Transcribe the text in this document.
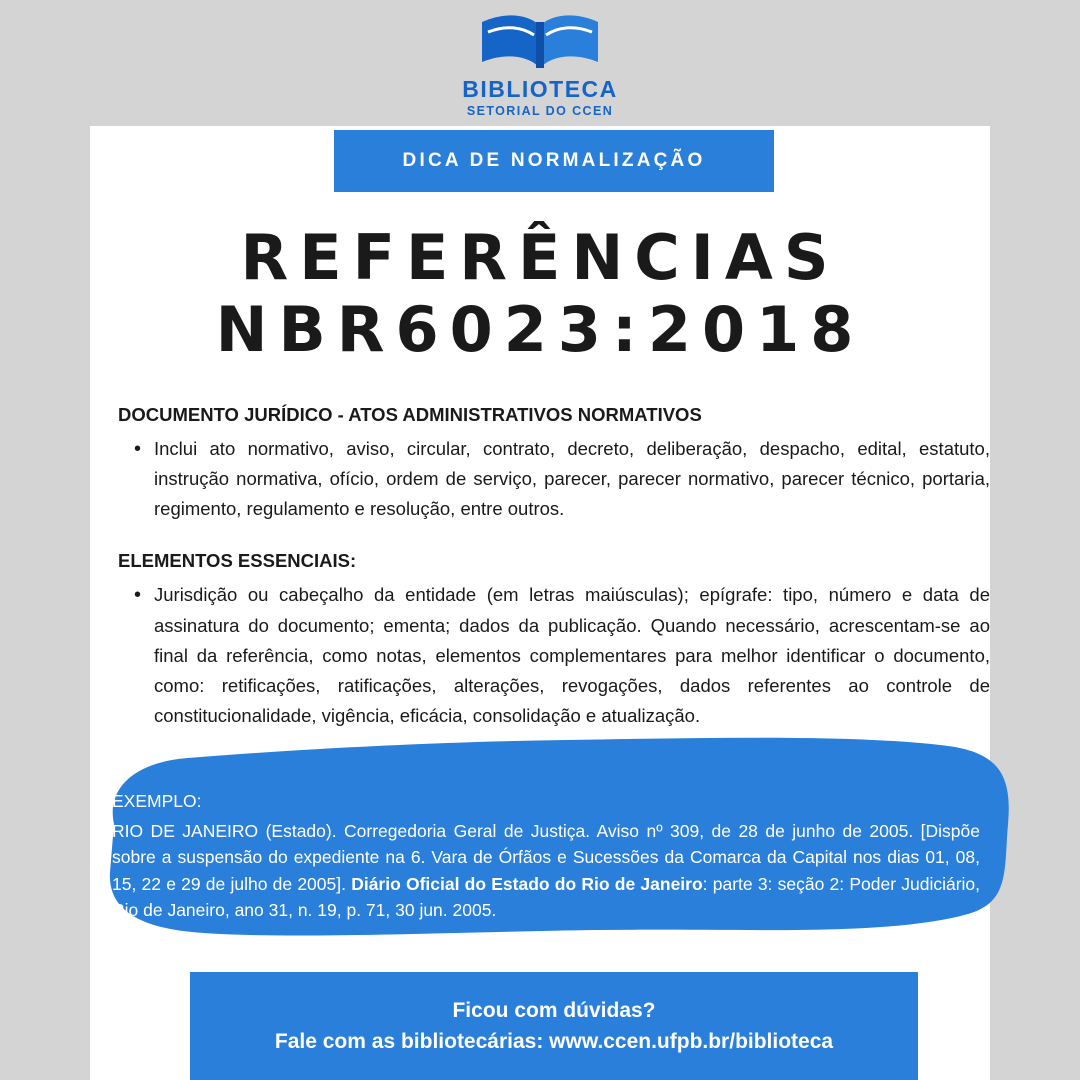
BIBLIOTECA
SETORIAL DO CCEN
DICA DE NORMALIZAÇÃO
REFERÊNCIAS
NBR6023:2018
DOCUMENTO JURÍDICO - ATOS ADMINISTRATIVOS NORMATIVOS
• Inclui ato normativo, aviso, circular, contrato, decreto, deliberação, despacho, edital, estatuto, instrução normativa, ofício, ordem de serviço, parecer, parecer normativo, parecer técnico, portaria, regimento, regulamento e resolução, entre outros.
ELEMENTOS ESSENCIAIS:
• Jurisdição ou cabeçalho da entidade (em letras maiúsculas); epígrafe: tipo, número e data de assinatura do documento; ementa; dados da publicação. Quando necessário, acrescentam-se ao final da referência, como notas, elementos complementares para melhor identificar o documento, como: retificações, ratificações, alterações, revogações, dados referentes ao controle de constitucionalidade, vigência, eficácia, consolidação e atualização.
EXEMPLO:
RIO DE JANEIRO (Estado). Corregedoria Geral de Justiça. Aviso nº 309, de 28 de junho de 2005. [Dispõe sobre a suspensão do expediente na 6. Vara de Órfãos e Sucessões da Comarca da Capital nos dias 01, 08, 15, 22 e 29 de julho de 2005]. Diário Oficial do Estado do Rio de Janeiro: parte 3: seção 2: Poder Judiciário, Rio de Janeiro, ano 31, n. 19, p. 71, 30 jun. 2005.
Ficou com dúvidas?
Fale com as bibliotecárias: www.ccen.ufpb.br/biblioteca
